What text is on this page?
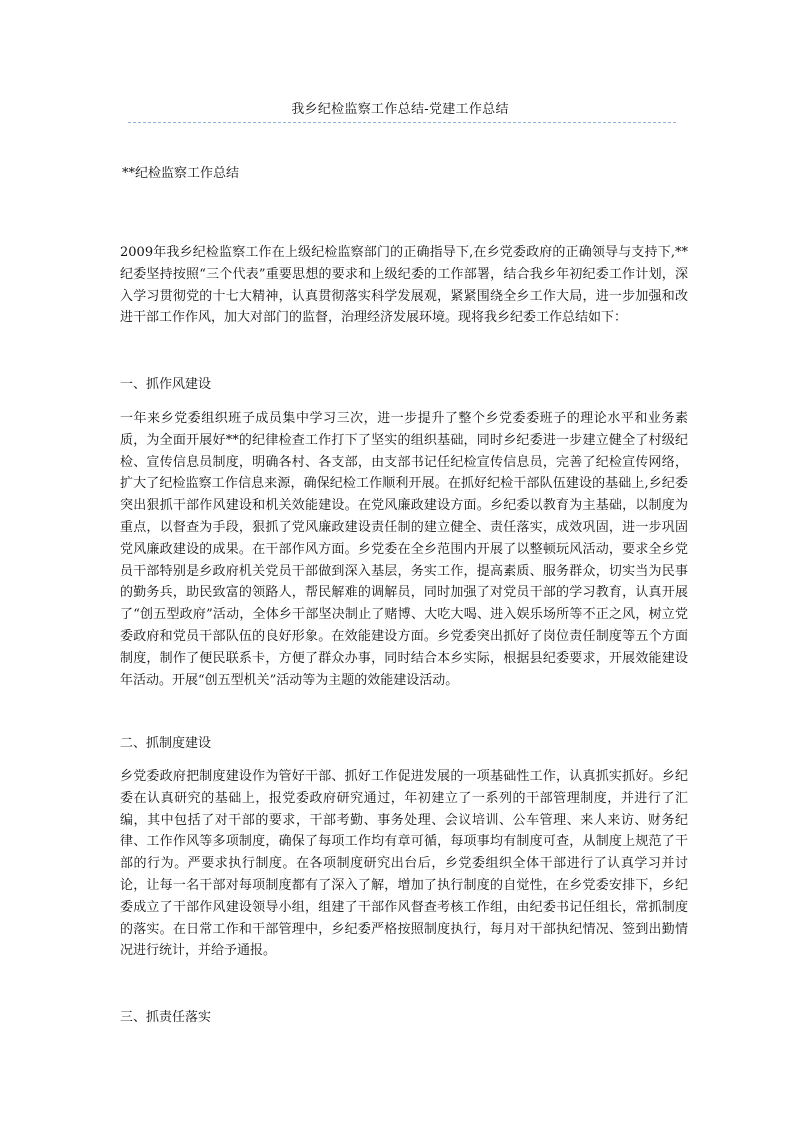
我乡纪检监察工作总结-党建工作总结
**纪检监察工作总结
2009年我乡纪检监察工作在上级纪检监察部门的正确指导下,在乡党委政府的正确领导与支持下,**纪委坚持按照“三个代表”重要思想的要求和上级纪委的工作部署，结合我乡年初纪委工作计划，深入学习贯彻党的十七大精神，认真贯彻落实科学发展观，紧紧围绕全乡工作大局，进一步加强和改进干部工作作风，加大对部门的监督，治理经济发展环境。现将我乡纪委工作总结如下：
一、抓作风建设
一年来乡党委组织班子成员集中学习三次，进一步提升了整个乡党委委班子的理论水平和业务素质，为全面开展好**的纪律检查工作打下了坚实的组织基础，同时乡纪委进一步建立健全了村级纪检、宣传信息员制度，明确各村、各支部，由支部书记任纪检宣传信息员，完善了纪检宣传网络，扩大了纪检监察工作信息来源，确保纪检工作顺利开展。在抓好纪检干部队伍建设的基础上,乡纪委突出狠抓干部作风建设和机关效能建设。在党风廉政建设方面。乡纪委以教育为主基础，以制度为重点，以督查为手段，狠抓了党风廉政建设责任制的建立健全、责任落实，成效巩固，进一步巩固党风廉政建设的成果。在干部作风方面。乡党委在全乡范围内开展了以整顿玩风活动，要求全乡党员干部特别是乡政府机关党员干部做到深入基层，务实工作，提高素质、服务群众，切实当为民事的勤务兵，助民致富的领路人，帮民解难的调解员，同时加强了对党员干部的学习教育，认真开展了“创五型政府”活动，全体乡干部坚决制止了赌博、大吃大喝、进入娱乐场所等不正之风，树立党委政府和党员干部队伍的良好形象。在效能建设方面。乡党委突出抓好了岗位责任制度等五个方面制度，制作了便民联系卡，方便了群众办事，同时结合本乡实际，根据县纪委要求，开展效能建设年活动。开展“创五型机关”活动等为主题的效能建设活动。
二、抓制度建设
乡党委政府把制度建设作为管好干部、抓好工作促进发展的一项基础性工作，认真抓实抓好。乡纪委在认真研究的基础上，报党委政府研究通过，年初建立了一系列的干部管理制度，并进行了汇编，其中包括了对干部的要求，干部考勤、事务处理、会议培训、公车管理、来人来访、财务纪律、工作作风等多项制度，确保了每项工作均有章可循，每项事均有制度可查，从制度上规范了干部的行为。严要求执行制度。在各项制度研究出台后，乡党委组织全体干部进行了认真学习并讨论，让每一名干部对每项制度都有了深入了解，增加了执行制度的自觉性，在乡党委安排下，乡纪委成立了干部作风建设领导小组，组建了干部作风督查考核工作组，由纪委书记任组长，常抓制度的落实。在日常工作和干部管理中，乡纪委严格按照制度执行，每月对干部执纪情况、签到出勤情况进行统计，并给予通报。
三、抓责任落实
